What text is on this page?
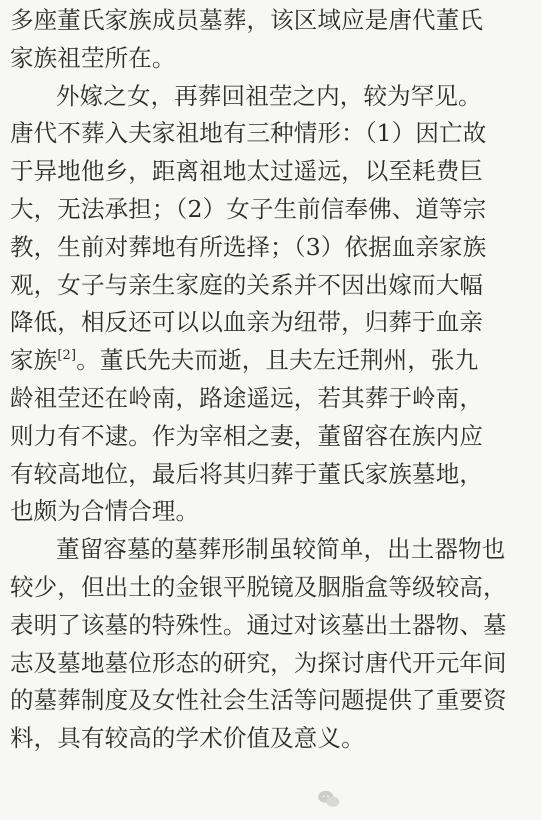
多座董氏家族成员墓葬，该区域应是唐代董氏
家族祖茔所在。
外嫁之女，再葬回祖茔之内，较为罕见。
唐代不葬入夫家祖地有三种情形：（1）因亡故
于异地他乡，距离祖地太过遥远，以至耗费巨
大，无法承担；（2）女子生前信奉佛、道等宗
教，生前对葬地有所选择；（3）依据血亲家族
观，女子与亲生家庭的关系并不因出嫁而大幅
降低，相反还可以以血亲为纽带，归葬于血亲
家族[2]。董氏先夫而逝，且夫左迁荆州，张九
龄祖茔还在岭南，路途遥远，若其葬于岭南，
则力有不逮。作为宰相之妻，董留容在族内应
有较高地位，最后将其归葬于董氏家族墓地，
也颇为合情合理。
董留容墓的墓葬形制虽较简单，出土器物也
较少，但出土的金银平脱镜及胭脂盒等级较高，
表明了该墓的特殊性。通过对该墓出土器物、墓
志及墓地墓位形态的研究，为探讨唐代开元年间
的墓葬制度及女性社会生活等问题提供了重要资
料，具有较高的学术价值及意义。
